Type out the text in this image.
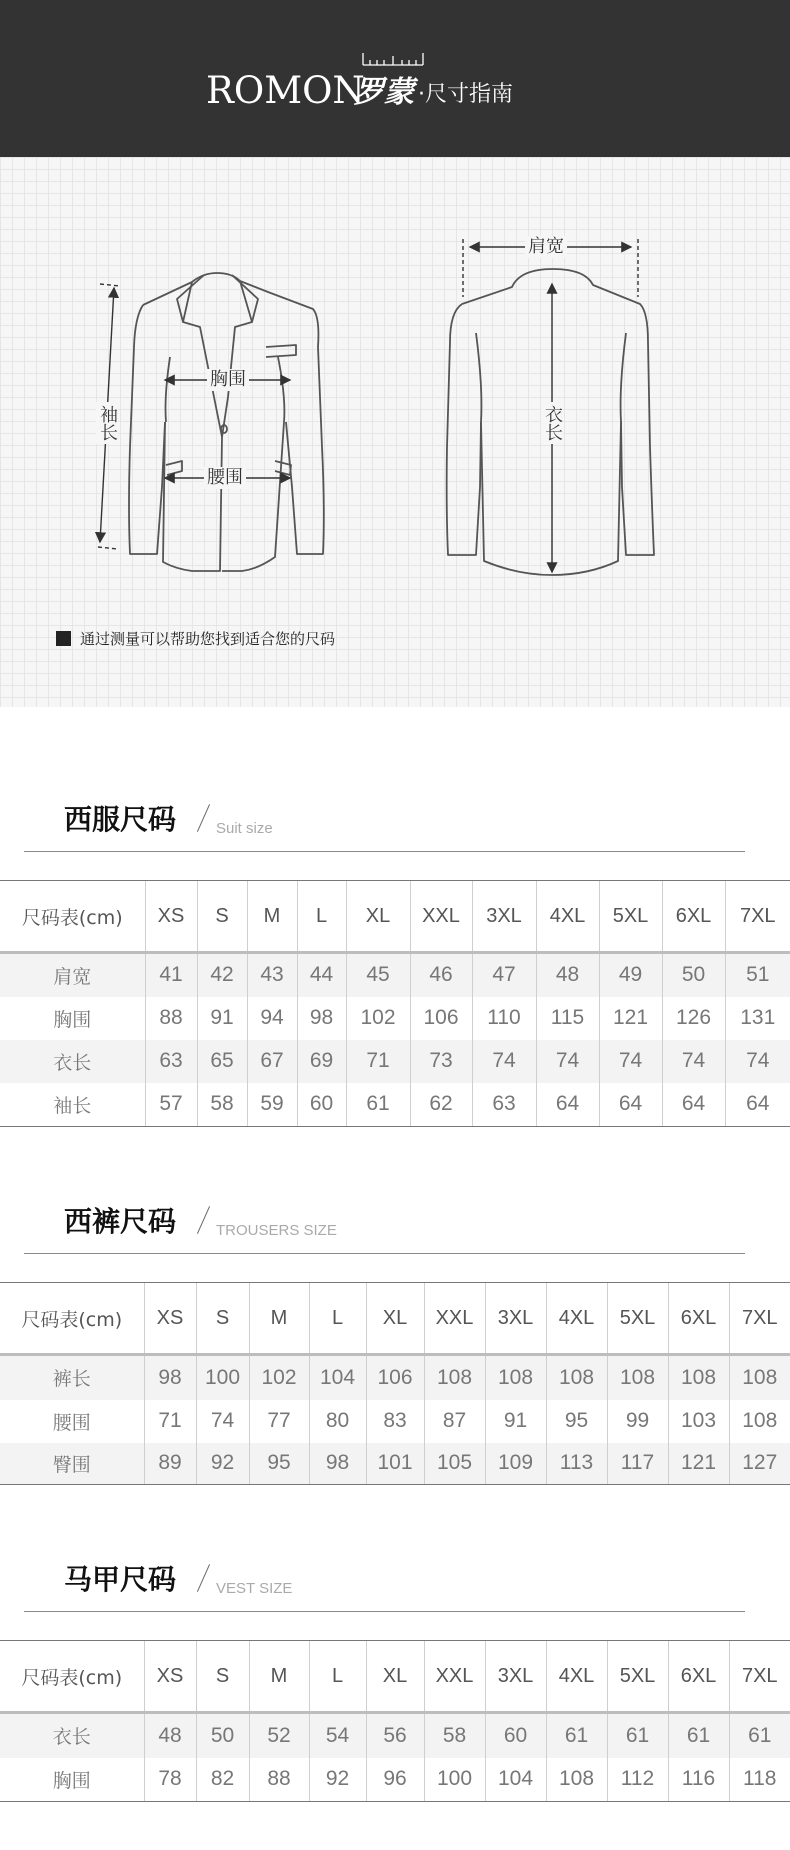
ROMON
罗蒙 ·尺寸指南
胸围
腰围
袖长
肩宽
衣长
通过测量可以帮助您找到适合您的尺码
西服尺码	Suit size
尺码表(cm)	XS	S	M	L	XL	XXL	3XL	4XL	5XL	6XL	7XL
肩宽	41	42	43	44	45	46	47	48	49	50	51
胸围	88	91	94	98	102	106	110	115	121	126	131
衣长	63	65	67	69	71	73	74	74	74	74	74
袖长	57	58	59	60	61	62	63	64	64	64	64
西裤尺码	TROUSERS SIZE
尺码表(cm)	XS	S	M	L	XL	XXL	3XL	4XL	5XL	6XL	7XL
裤长	98	100	102	104	106	108	108	108	108	108	108
腰围	71	74	77	80	83	87	91	95	99	103	108
臀围	89	92	95	98	101	105	109	113	117	121	127
马甲尺码	VEST SIZE
尺码表(cm)	XS	S	M	L	XL	XXL	3XL	4XL	5XL	6XL	7XL
衣长	48	50	52	54	56	58	60	61	61	61	61
胸围	78	82	88	92	96	100	104	108	112	116	118
